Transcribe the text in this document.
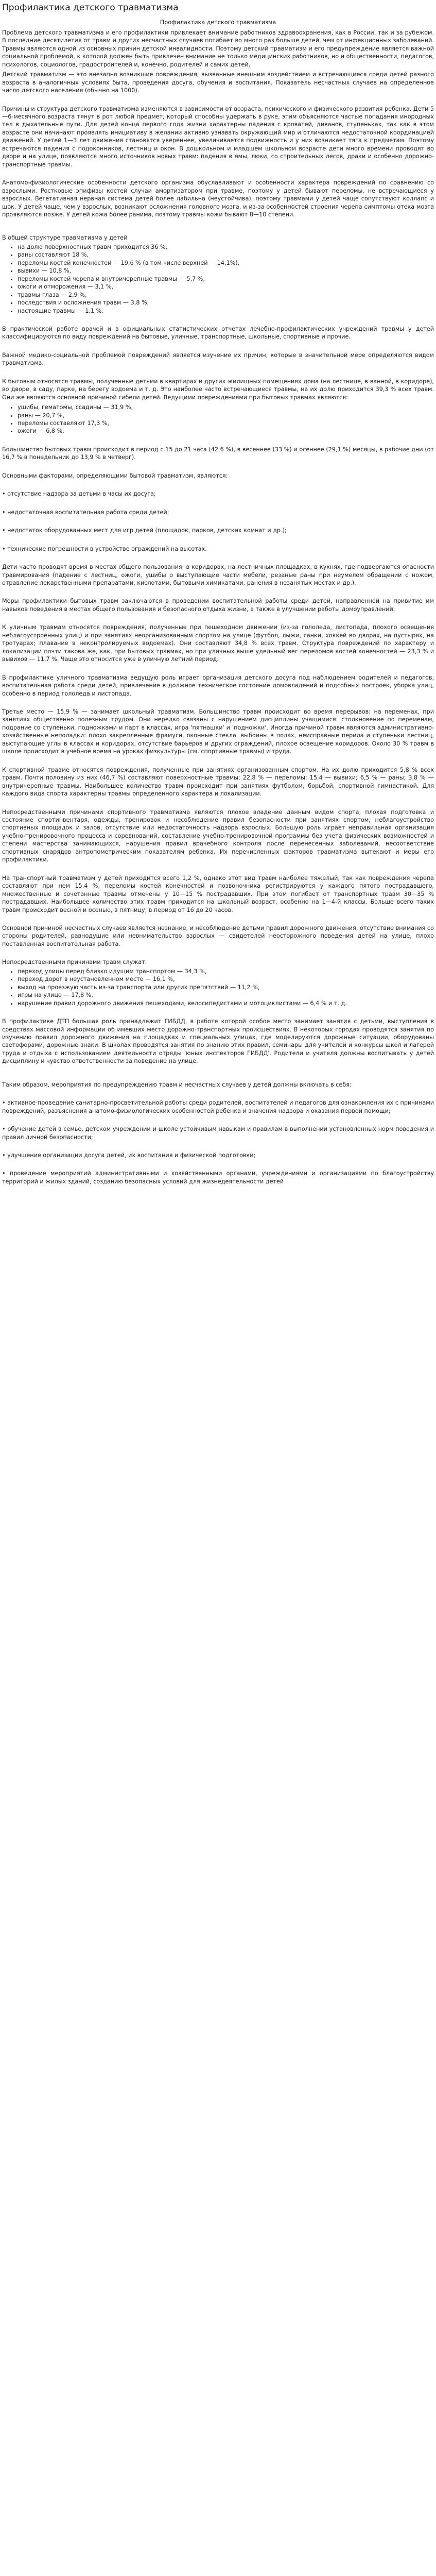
Профилактика детского травматизма

Профилактика детского травматизма

Проблема детского травматизма и его профилактики привлекает внимание работников здравоохранения, как в России, так и за рубежом. В последние десятилетия от травм и других несчастных случаев погибает во много раз больше детей, чем от инфекционных заболеваний. Травмы являются одной из основных причин детской инвалидности. Поэтому детский травматизм и его предупреждение является важной социальной проблемой, к которой должен быть привлечен внимание не только медицинских работников, но и общественности, педагогов, психологов, социологов, градостроителей и, конечно, родителей и самих детей.

Детский травматизм — это внезапно возникшие повреждения, вызванные внешним воздействием и встречающиеся среди детей разного возраста в аналогичных условиях быта, проведения досуга, обучения и воспитания. Показатель несчастных случаев на определенное число детского населения (обычно на 1000).

Причины и структура детского травматизма изменяются в зависимости от возраста, психического и физического развития ребенка. Дети 5—6-месячного возраста тянут в рот любой предмет, который способны удержать в руке, этим объясняются частые попадания инородных тел в дыхательные пути. Для детей конца первого года жизни характерны падения с кроватей, диванов, ступеньках, так как в этом возрасте они начинают проявлять инициативу в желании активно узнавать окружающий мир и отличаются недостаточной координацией движений. У детей 1—3 лет движения становятся увереннее, увеличивается подвижность и у них возникает тяга к предметам. Поэтому встречаются падения с подоконников, лестниц и окон. В дошкольном и младшем школьном возрасте дети много времени проводят во дворе и на улице, появляются много источников новых травм: падения в ямы, люки, со строительных лесов, драки и особенно дорожно-транспортные травмы.

Анатомо-физиологические особенности детского организма обуславливают и особенности характера повреждений по сравнению со взрослыми. Ростковые эпифизы костей случаи амортизатором при травме, поэтому у детей бывают переломы, не встречающиеся у взрослых. Вегетативная нервная система детей более лабильна (неустойчива), поэтому травмами у детей чаще сопутствуют коллапс и шок. У детей чаще, чем у взрослых, возникают осложнения головного мозга, и из-за особенностей строения черепа симптомы отека мозга проявляются позже. У детей кожа более ранима, поэтому травмы кожи бывают 8—10 степени.

В общей структуре травматизма у детей

• на долю поверхностных травм приходится 36 %,
• раны составляют 18 %,
• переломы костей конечностей — 19,6 % (в том числе верхней — 14,1%),
• вывихи — 10,8 %,
• переломы костей черепа и внутричерепные травмы — 5,7 %,
• ожоги и отморожения — 3,1 %,
• травмы глаза — 2,9 %,
• последствия и осложнения травм — 3,8 %,
• настоящие травмы — 1,1 %.

В практической работе врачей и в официальных статистических отчетах лечебно-профилактических учреждений травмы у детей классифицируются по виду повреждений на бытовые, уличные, транспортные, школьные, спортивные и прочие.

Важной медико-социальной проблемой повреждений является изучение их причин, которые в значительной мере определяются видом травматизма.

К бытовым относятся травмы, полученные детьми в квартирах и других жилищных помещениях дома (на лестнице, в ванной, в коридоре), во дворе, в саду, парке, на берегу водоема и т. д. Это наиболее часто встречающиеся травмы, на их долю приходится 39,3 % всех травм. Они же являются основной причиной гибели детей. Ведущими повреждениями при бытовых травмах являются:

• ушибы, гематомы, ссадины — 31,9 %,
• раны — 20,7 %,
• переломы составляют 17,3 %,
• ожоги — 6,8 %.

Большинство бытовых травм происходит в период с 15 до 21 часа (42,6 %), в весеннее (33 %) и осеннее (29,1 %) месяцы, в рабочие дни (от 16,7 % в понедельник до 13,9 % в четверг).

Основными факторами, определяющими бытовой травматизм, являются:

• отсутствие надзора за детьми в часы их досуга;

• недостаточная воспитательная работа среди детей;

• недостаток оборудованных мест для игр детей (площадок, парков, детских комнат и др.);

• технические погрешности в устройстве ограждений на высотах.

Дети часто проводят время в местах общего пользования: в коридорах, на лестничных площадках, в кухнях, где подвергаются опасности травмирования (падение с лестниц, ожоги, ушибы о выступающие части мебели, резаные раны при неумелом обращении с ножом, отравление лекарственными препаратами, кислотами, бытовыми химикатами, ранения в незанятых местах и др.).

Меры профилактики бытовых травм заключаются в проведении воспитательной работы среди детей, направленной на привитие им навыков поведения в местах общего пользования и безопасного отдыха жизни, а также в улучшении работы домоуправлений.

К уличным травмам относятся повреждения, полученные при пешеходном движении (из-за гололеда, листопада, плохого освещения неблагоустроенных улиц) и при занятиях неорганизованным спортом на улице (футбол, лыжи, санки, хоккей во дворах, на пустырях, на тротуарах; плавание в неконтролируемых водоемах). Они составляют 34,8 % всех травм. Структура повреждений по характеру и локализации почти такова же, как, при бытовых травмах, но при уличных выше удельный вес переломов костей конечностей — 23,3 % и вывихов — 11,7 %. Чаще это относится уже в уличную летний период.

В профилактике уличного травматизма ведущую роль играет организация детского досуга под наблюдением родителей и педагогов, воспитательная работа среди детей, привлечение в должное техническое состояние домовладений и подсобных построек, уборка улиц, особенно в период гололеда и листопада.

Третье место — 15,9 % — занимает школьный травматизм. Большинство травм происходит во время перерывов: на переменах, при занятиях общественно полезным трудом. Они нередко связаны с нарушением дисциплины учащимися: столкновение по переменам, подрание со ступеньки, подножками и парт в классах, игра 'пятнашки' и 'подножки'. Иногда причиной травм являются административно-хозяйственные неполадки: плохо закрепленные фрамуги, оконные стекла, выбоины в полах, неисправные перила и ступеньки лестниц, выступающие углы в классах и коридорах, отсутствие барьеров и других ограждений, плохое освещение коридоров. Около 30 % травм в школе происходит в учебное время на уроках физкультуры (см. спортивные травмы) и труда.

К спортивной травме относятся повреждения, полученные при занятиях организованным спортом. На их долю приходится 5,8 % всех травм. Почти половину из них (46,7 %) составляют поверхностные травмы; 22,8 % — переломы; 15,4 — вывихи; 6,5 % — раны; 3,8 % — внутричерепные травмы. Наибольшее количество травм происходит при занятиях футболом, борьбой, спортивной гимнастикой. Для каждого вида спорта характерны травмы определенного характера и локализации.

Непосредственными причинами спортивного травматизма являются плохое владение данным видом спорта, плохая подготовка и состояние спортинвентаря, одежды, тренировок и несоблюдение правил безопасности при занятиях спортом, неблагоустройство спортивных площадок и залов, отсутствие или недостаточность надзора взрослых. Большую роль играет неправильная организация учебно-тренировочного процесса и соревнований, составление учебно-тренировочной программы без учета физических возможностей и степени мастерства занимающихся, нарушения правил врачебного контроля после перенесенных заболеваний, несоответствие спортивных снарядов антропометрическим показателям ребенка. Их перечисленных факторов травматизма вытекают и меры его профилактики.

На транспортный травматизм у детей приходится всего 1,2 %, однако этот вид травм наиболее тяжелый, так как повреждения черепа составляют при нем 15,4 %, переломы костей конечностей и позвоночника регистрируются у каждого пятого пострадавшего, множественные и сочетанные травмы отмечены у 10—15 % пострадавших. При этом погибает от транспортных травм 30—35 % пострадавших. Наибольшее количество этих травм приходится на школьный возраст, особенно на 1—4-й классы. Больше всего таких травм происходит весной и осенью, в пятницу, в период от 16 до 20 часов.

Основной причиной несчастных случаев является незнание, и несоблюдение детьми правил дорожного движения, отсутствие внимания со стороны родителей, равнодушие или невнимательство взрослых — свидетелей неосторожного поведения детей на улице, плохо поставленная воспитательная работа.

Непосредственными причинами травм служат:

• переход улицы перед близко идущим транспортом — 34,3 %,
• переход дорог в неустановленном месте — 16,1 %,
• выход на проезжую часть из-за транспорта или других препятствий — 11,2 %,
• игры на улице — 17,8 %,
• нарушение правил дорожного движения пешеходами, велосипедистами и мотоциклистами — 6,4 % и т. д.

В профилактике ДТП большая роль принадлежит ГИБДД, в работе которой особое место занимает занятия с детьми, выступления в средствах массовой информации об имевших место дорожно-транспортных происшествиях. В некоторых городах проводятся занятия по изучению правил дорожного движения на площадках и специальных улицах, где моделируются дорожные ситуации, оборудованы светофорами, дорожные знаки. В школах проводятся занятия по знанию этих правил, семинары для учителей и конкурсы школ и лагерей труда и отдыха с использованием деятельности отряды 'юных инспекторов ГИБДД'. Родители и учителя должны воспитывать у детей дисциплину и чувство ответственности за поведение на улице.

Таким образом, мероприятия по предупреждению травм и несчастных случаев у детей должны включать в себя:

• активное проведение санитарно-просветительной работы среди родителей, воспитателей и педагогов для ознакомления их с причинами повреждений, разъяснения анатомо-физиологических особенностей ребенка и значения надзора и оказания первой помощи;

• обучение детей в семье, детском учреждении и школе устойчивым навыкам и правилам в выполнении установленных норм поведения и правил личной безопасности;

• улучшение организации досуга детей, их воспитания и физической подготовки;

• проведение мероприятий административными и хозяйственными органами, учреждениями и организациями по благоустройству территорий и жилых зданий, созданию безопасных условий для жизнедеятельности детей
